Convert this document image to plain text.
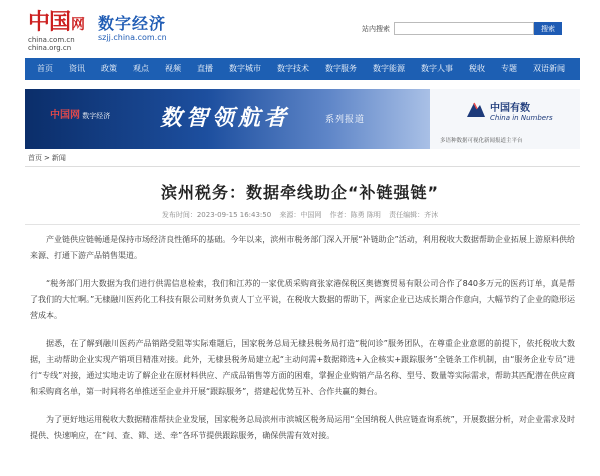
中国网
china.com.cn
china.org.cn
数字经济
szjj.china.com.cn
站内搜索	搜索
首页	资讯	政策	观点	视频	直播	数字城市	数字技术	数字服务	数字能源	数字人事	税收	专题	双语新闻
中国网 数字经济 数智领航者	系列报道
中国有数
China in Numbers
多语种数据可视化新闻报道主平台
首页 > 新闻
滨州税务：数据牵线助企“补链强链”
发布时间：2023-09-15 16:43:50 来源：中国网 作者：陈勇 陈明 责任编辑：齐沐

产业链供应链畅通是保持市场经济良性循环的基础。今年以来，滨州市税务部门深入开展“补链助企”活动，利用税收大数据帮助企业拓展上游原料供给来源、打通下游产品销售渠道。

“税务部门用大数据为我们进行供需信息检索，我们和江苏的一家优质采购商张家港保税区奥德赛贸易有限公司合作了840多万元的医药订单，真是帮了我们的大忙啊。”无棣融川医药化工科技有限公司财务负责人丁立平说，在税收大数据的帮助下，两家企业已达成长期合作意向，大幅节约了企业的隐形运营成本。

据悉，在了解到融川医药产品销路受阻等实际难题后，国家税务总局无棣县税务局打造“税问诊”服务团队，在尊重企业意愿的前提下，依托税收大数据，主动帮助企业实现产销项目精准对接。此外，无棣县税务局建立起“主动问需+数据筛选+入企核实+跟踪服务”全链条工作机制，由“服务企业专员”进行“专线”对接，通过实地走访了解企业在原材料供应、产成品销售等方面的困难，掌握企业购销产品名称、型号、数量等实际需求，帮助其匹配潜在供应商和采购商名单，第一时间将名单推送至企业并开展“跟踪服务”，搭建起优势互补、合作共赢的舞台。

为了更好地运用税收大数据精准帮扶企业发展，国家税务总局滨州市滨城区税务局运用“全国纳税人供应链查询系统”，开展数据分析，对企业需求及时提供、快速响应，在“问、查、筛、送、牵”各环节提供跟踪服务，确保供需有效对接。
